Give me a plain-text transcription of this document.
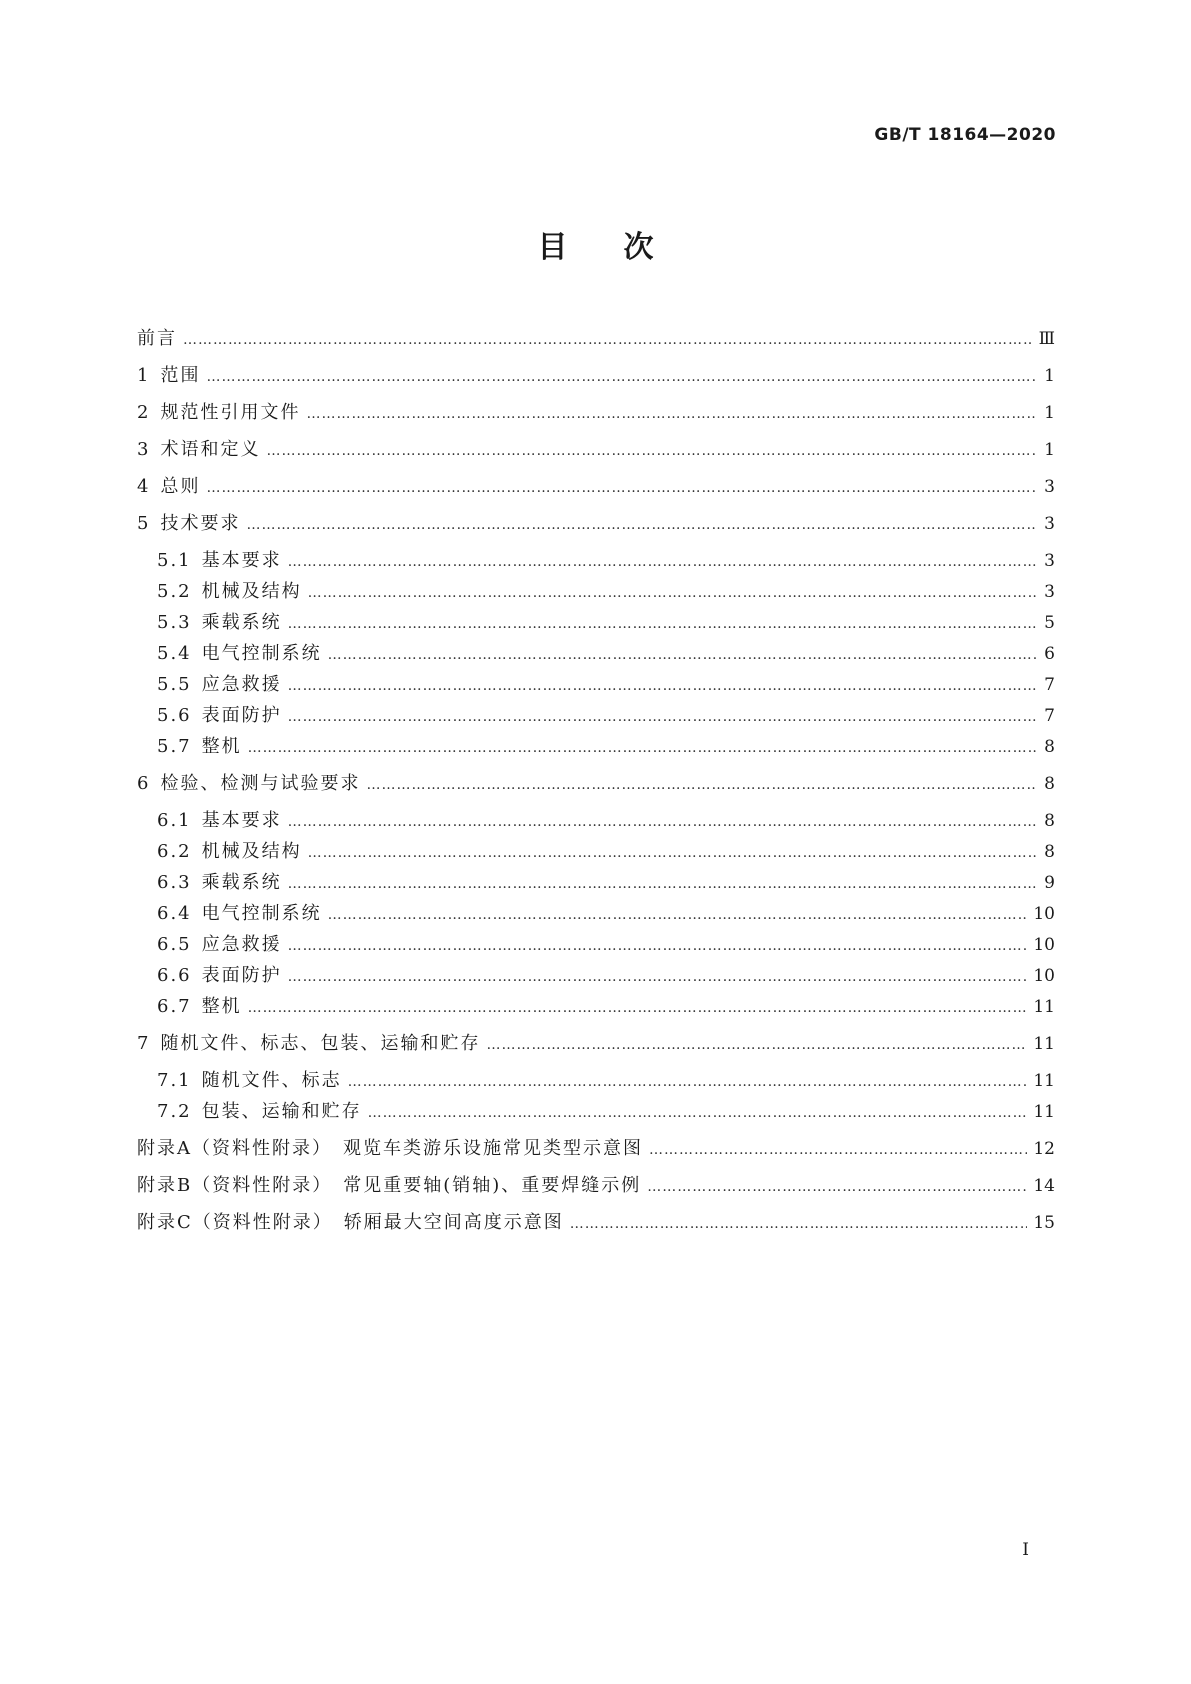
GB/T 18164—2020
目 次
前言 ………………………………………………………………………………………………………………………………………………………………………………………………………………………………………………	Ⅲ
1 范围 ………………………………………………………………………………………………………………………………………………………………………………………………………………………………………………	1
2 规范性引用文件 ………………………………………………………………………………………………………………………………………………………………………………………………………………………………………………	1
3 术语和定义 ………………………………………………………………………………………………………………………………………………………………………………………………………………………………………………	1
4 总则 ………………………………………………………………………………………………………………………………………………………………………………………………………………………………………………	3
5 技术要求 ………………………………………………………………………………………………………………………………………………………………………………………………………………………………………………	3
5.1 基本要求 ………………………………………………………………………………………………………………………………………………………………………………………………………………………………………………	3
5.2 机械及结构 ………………………………………………………………………………………………………………………………………………………………………………………………………………………………………………	3
5.3 乘载系统 ………………………………………………………………………………………………………………………………………………………………………………………………………………………………………………	5
5.4 电气控制系统 ………………………………………………………………………………………………………………………………………………………………………………………………………………………………………………	6
5.5 应急救援 ………………………………………………………………………………………………………………………………………………………………………………………………………………………………………………	7
5.6 表面防护 ………………………………………………………………………………………………………………………………………………………………………………………………………………………………………………	7
5.7 整机 ………………………………………………………………………………………………………………………………………………………………………………………………………………………………………………	8
6 检验、检测与试验要求 ………………………………………………………………………………………………………………………………………………………………………………………………………………………………………………	8
6.1 基本要求 ………………………………………………………………………………………………………………………………………………………………………………………………………………………………………………	8
6.2 机械及结构 ………………………………………………………………………………………………………………………………………………………………………………………………………………………………………………	8
6.3 乘载系统 ………………………………………………………………………………………………………………………………………………………………………………………………………………………………………………	9
6.4 电气控制系统 ………………………………………………………………………………………………………………………………………………………………………………………………………………………………………………	10
6.5 应急救援 ………………………………………………………………………………………………………………………………………………………………………………………………………………………………………………	10
6.6 表面防护 ………………………………………………………………………………………………………………………………………………………………………………………………………………………………………………	10
6.7 整机 ………………………………………………………………………………………………………………………………………………………………………………………………………………………………………………	11
7 随机文件、标志、包装、运输和贮存 ………………………………………………………………………………………………………………………………………………………………………………………………………………………………………………	11
7.1 随机文件、标志 ………………………………………………………………………………………………………………………………………………………………………………………………………………………………………………	11
7.2 包装、运输和贮存 ………………………………………………………………………………………………………………………………………………………………………………………………………………………………………………	11
附录A（资料性附录）　观览车类游乐设施常见类型示意图 ………………………………………………………………………………………………………………………………………………………………………………………………………………………………………………	12
附录B（资料性附录）　常见重要轴(销轴)、重要焊缝示例 ………………………………………………………………………………………………………………………………………………………………………………………………………………………………………………	14
附录C（资料性附录）　轿厢最大空间高度示意图 ………………………………………………………………………………………………………………………………………………………………………………………………………………………………………………	15
I
